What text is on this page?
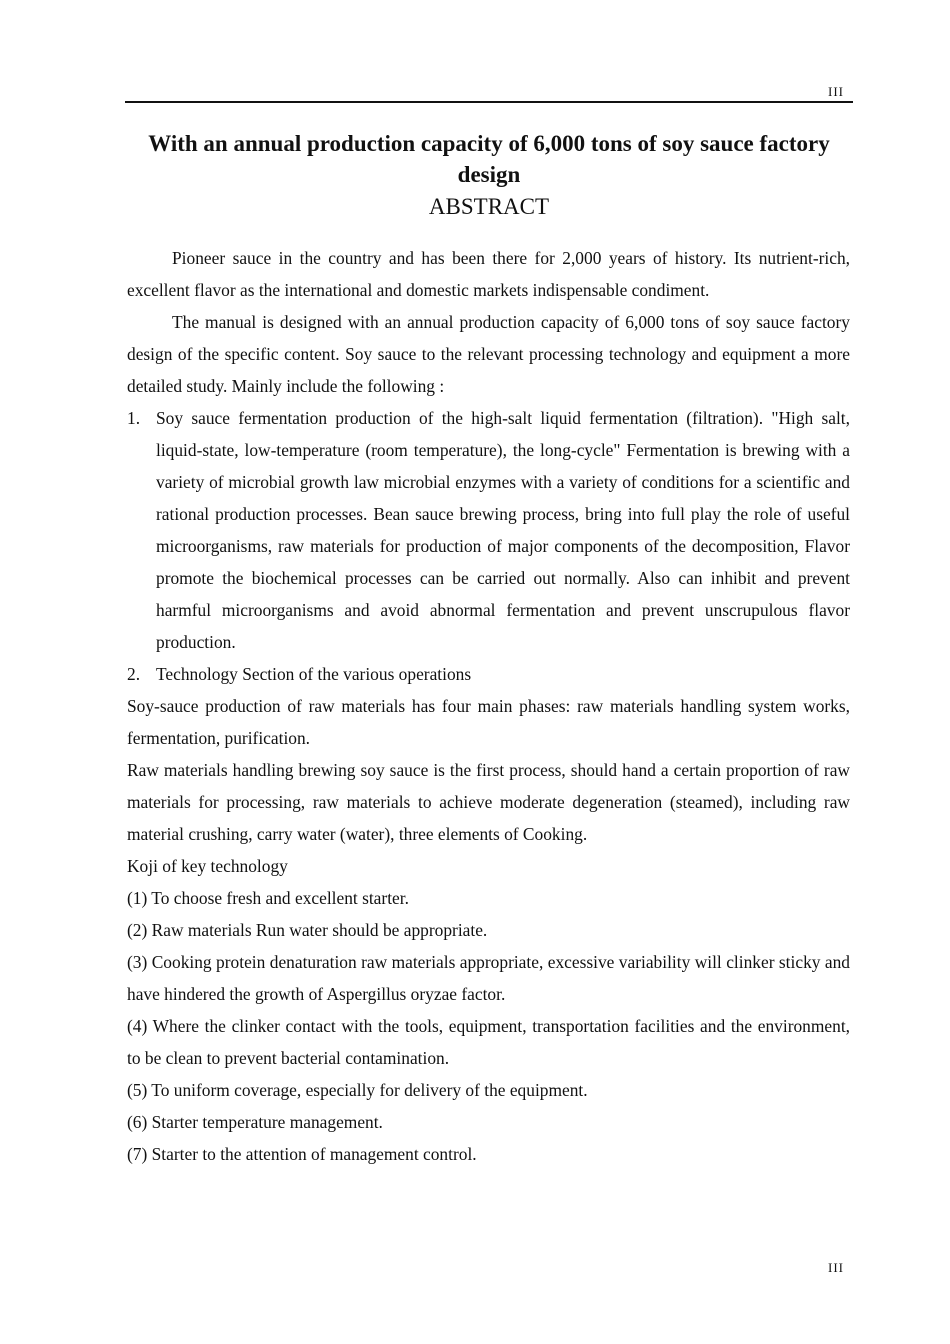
III
With an annual production capacity of 6,000 tons of soy sauce factory design
ABSTRACT

Pioneer sauce in the country and has been there for 2,000 years of history. Its nutrient-rich, excellent flavor as the international and domestic markets indispensable condiment.

The manual is designed with an annual production capacity of 6,000 tons of soy sauce factory design of the specific content. Soy sauce to the relevant processing technology and equipment a more detailed study. Mainly include the following :

1. Soy sauce fermentation production of the high-salt liquid fermentation (filtration). "High salt, liquid-state, low-temperature (room temperature), the long-cycle" Fermentation is brewing with a variety of microbial growth law microbial enzymes with a variety of conditions for a scientific and rational production processes. Bean sauce brewing process, bring into full play the role of useful microorganisms, raw materials for production of major components of the decomposition, Flavor promote the biochemical processes can be carried out normally. Also can inhibit and prevent harmful microorganisms and avoid abnormal fermentation and prevent unscrupulous flavor production.

2. Technology Section of the various operations

Soy-sauce production of raw materials has four main phases: raw materials handling system works, fermentation, purification.

Raw materials handling brewing soy sauce is the first process, should hand a certain proportion of raw materials for processing, raw materials to achieve moderate degeneration (steamed), including raw material crushing, carry water (water), three elements of Cooking.

Koji of key technology

(1) To choose fresh and excellent starter.

(2) Raw materials Run water should be appropriate.

(3) Cooking protein denaturation raw materials appropriate, excessive variability will clinker sticky and have hindered the growth of Aspergillus oryzae factor.

(4) Where the clinker contact with the tools, equipment, transportation facilities and the environment, to be clean to prevent bacterial contamination.

(5) To uniform coverage, especially for delivery of the equipment.

(6) Starter temperature management.

(7) Starter to the attention of management control.

III
